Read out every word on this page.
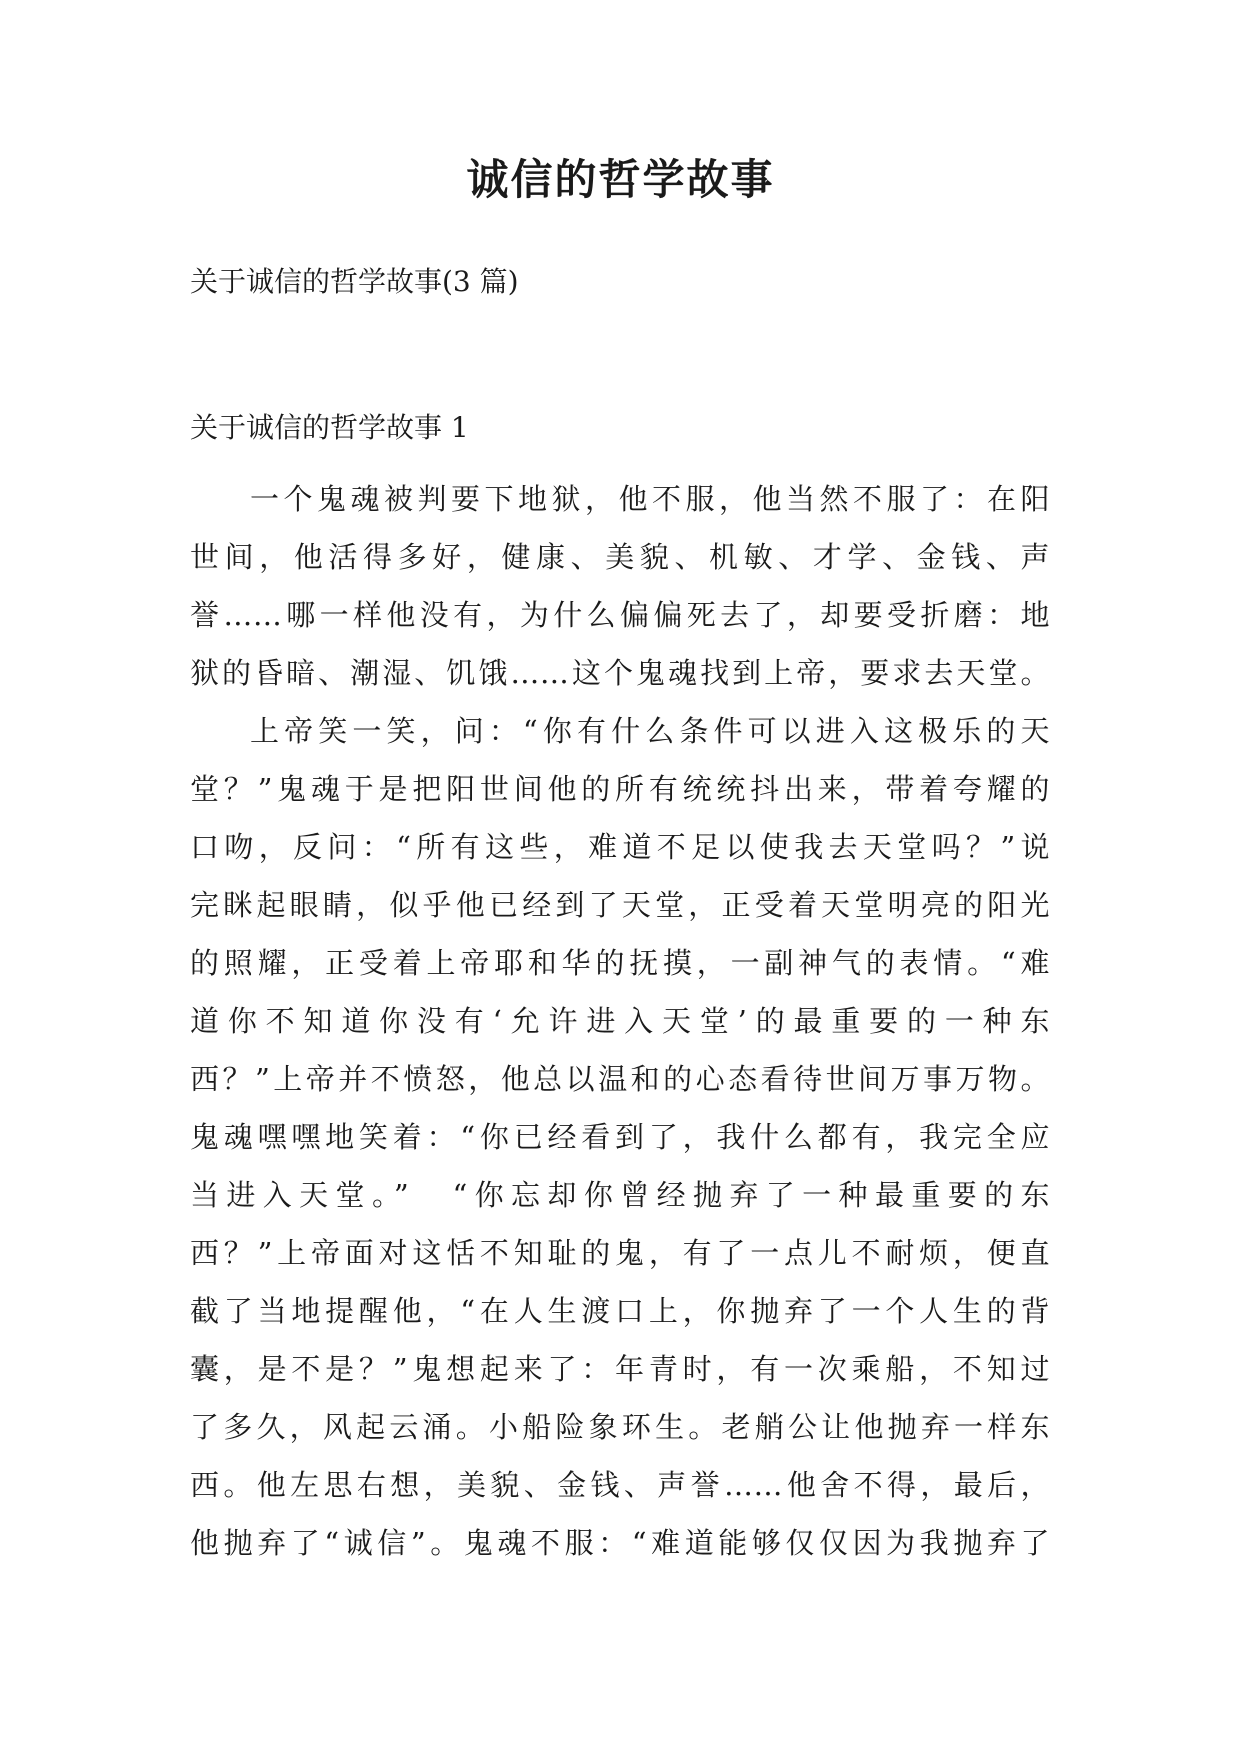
诚信的哲学故事

关于诚信的哲学故事(3 篇)

关于诚信的哲学故事 1

一个鬼魂被判要下地狱，他不服，他当然不服了：在阳
世间，他活得多好，健康、美貌、机敏、才学、金钱、声
誉……哪一样他没有，为什么偏偏死去了，却要受折磨：地
狱的昏暗、潮湿、饥饿……这个鬼魂找到上帝，要求去天堂。
上帝笑一笑，问：“你有什么条件可以进入这极乐的天
堂？”鬼魂于是把阳世间他的所有统统抖出来，带着夸耀的
口吻，反问：“所有这些，难道不足以使我去天堂吗？”说
完眯起眼睛，似乎他已经到了天堂，正受着天堂明亮的阳光
的照耀，正受着上帝耶和华的抚摸，一副神气的表情。“难
道你不知道你没有‘允许进入天堂’的最重要的一种东
西？”上帝并不愤怒，他总以温和的心态看待世间万事万物。
鬼魂嘿嘿地笑着：“你已经看到了，我什么都有，我完全应
当进入天堂。”　“你忘却你曾经抛弃了一种最重要的东
西？”上帝面对这恬不知耻的鬼，有了一点儿不耐烦，便直
截了当地提醒他，“在人生渡口上，你抛弃了一个人生的背
囊，是不是？”鬼想起来了：年青时，有一次乘船，不知过
了多久，风起云涌。小船险象环生。老艄公让他抛弃一样东
西。他左思右想，美貌、金钱、声誉……他舍不得，最后，
他抛弃了“诚信”。鬼魂不服：“难道能够仅仅因为我抛弃了
